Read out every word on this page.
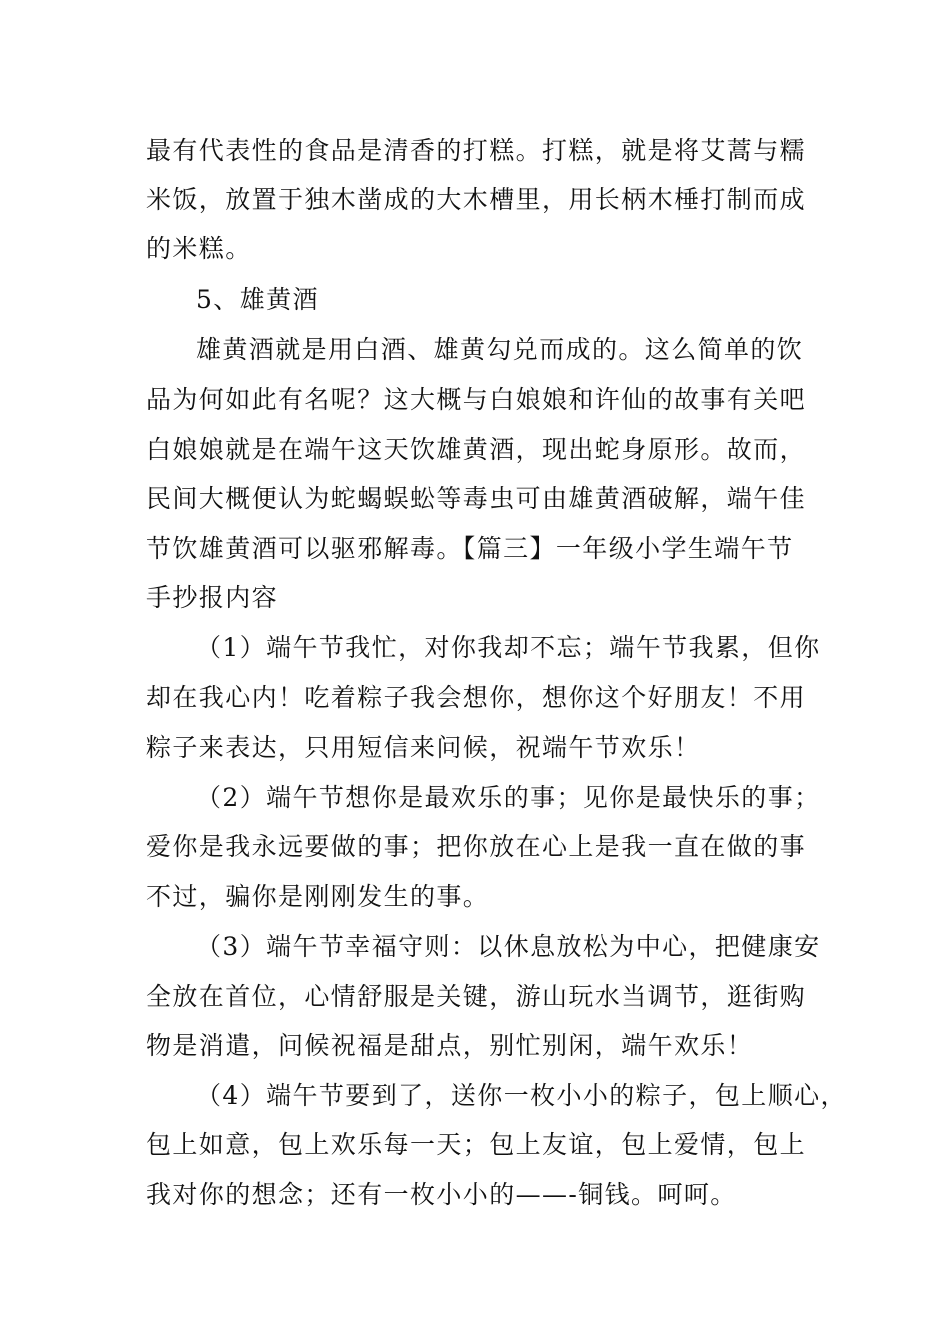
最有代表性的食品是清香的打糕。打糕，就是将艾蒿与糯
米饭，放置于独木凿成的大木槽里，用长柄木棰打制而成
的米糕。
5、雄黄酒
雄黄酒就是用白酒、雄黄勾兑而成的。这么简单的饮
品为何如此有名呢？这大概与白娘娘和许仙的故事有关吧
白娘娘就是在端午这天饮雄黄酒，现出蛇身原形。故而，
民间大概便认为蛇蝎蜈蚣等毒虫可由雄黄酒破解，端午佳
节饮雄黄酒可以驱邪解毒。【篇三】一年级小学生端午节
手抄报内容
（1）端午节我忙，对你我却不忘；端午节我累，但你
却在我心内！吃着粽子我会想你，想你这个好朋友！不用
粽子来表达，只用短信来问候，祝端午节欢乐！
（2）端午节想你是最欢乐的事；见你是最快乐的事；
爱你是我永远要做的事；把你放在心上是我一直在做的事
不过，骗你是刚刚发生的事。
（3）端午节幸福守则：以休息放松为中心，把健康安
全放在首位，心情舒服是关键，游山玩水当调节，逛街购
物是消遣，问候祝福是甜点，别忙别闲，端午欢乐！
（4）端午节要到了，送你一枚小小的粽子，包上顺心，
包上如意，包上欢乐每一天；包上友谊，包上爱情，包上
我对你的想念；还有一枚小小的——-铜钱。呵呵。
